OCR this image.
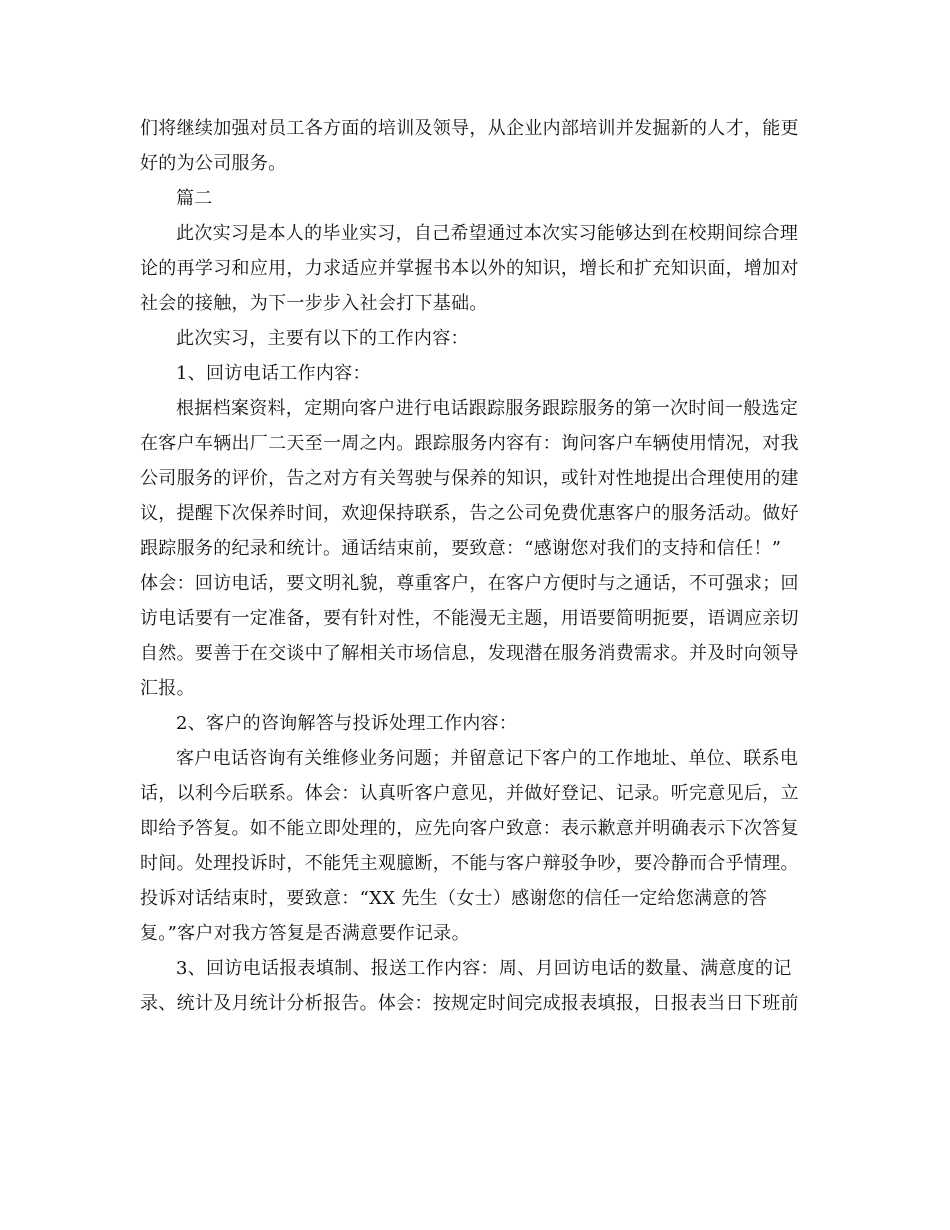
们将继续加强对员工各方面的培训及领导，从企业内部培训并发掘新的人才，能更
好的为公司服务。
篇二
此次实习是本人的毕业实习，自己希望通过本次实习能够达到在校期间综合理
论的再学习和应用，力求适应并掌握书本以外的知识，增长和扩充知识面，增加对
社会的接触，为下一步步入社会打下基础。
此次实习，主要有以下的工作内容：
1、回访电话工作内容：
根据档案资料，定期向客户进行电话跟踪服务跟踪服务的第一次时间一般选定
在客户车辆出厂二天至一周之内。跟踪服务内容有：询问客户车辆使用情况，对我
公司服务的评价，告之对方有关驾驶与保养的知识，或针对性地提出合理使用的建
议，提醒下次保养时间，欢迎保持联系，告之公司免费优惠客户的服务活动。做好
跟踪服务的纪录和统计。通话结束前，要致意：“感谢您对我们的支持和信任！”
体会：回访电话，要文明礼貌，尊重客户，在客户方便时与之通话，不可强求；回
访电话要有一定准备，要有针对性，不能漫无主题，用语要简明扼要，语调应亲切
自然。要善于在交谈中了解相关市场信息，发现潜在服务消费需求。并及时向领导
汇报。
2、客户的咨询解答与投诉处理工作内容：
客户电话咨询有关维修业务问题；并留意记下客户的工作地址、单位、联系电
话，以利今后联系。体会：认真听客户意见，并做好登记、记录。听完意见后，立
即给予答复。如不能立即处理的，应先向客户致意：表示歉意并明确表示下次答复
时间。处理投诉时，不能凭主观臆断，不能与客户辩驳争吵，要冷静而合乎情理。
投诉对话结束时，要致意：“XX 先生（女士）感谢您的信任一定给您满意的答
复。”客户对我方答复是否满意要作记录。
3、回访电话报表填制、报送工作内容：周、月回访电话的数量、满意度的记
录、统计及月统计分析报告。体会：按规定时间完成报表填报，日报表当日下班前
